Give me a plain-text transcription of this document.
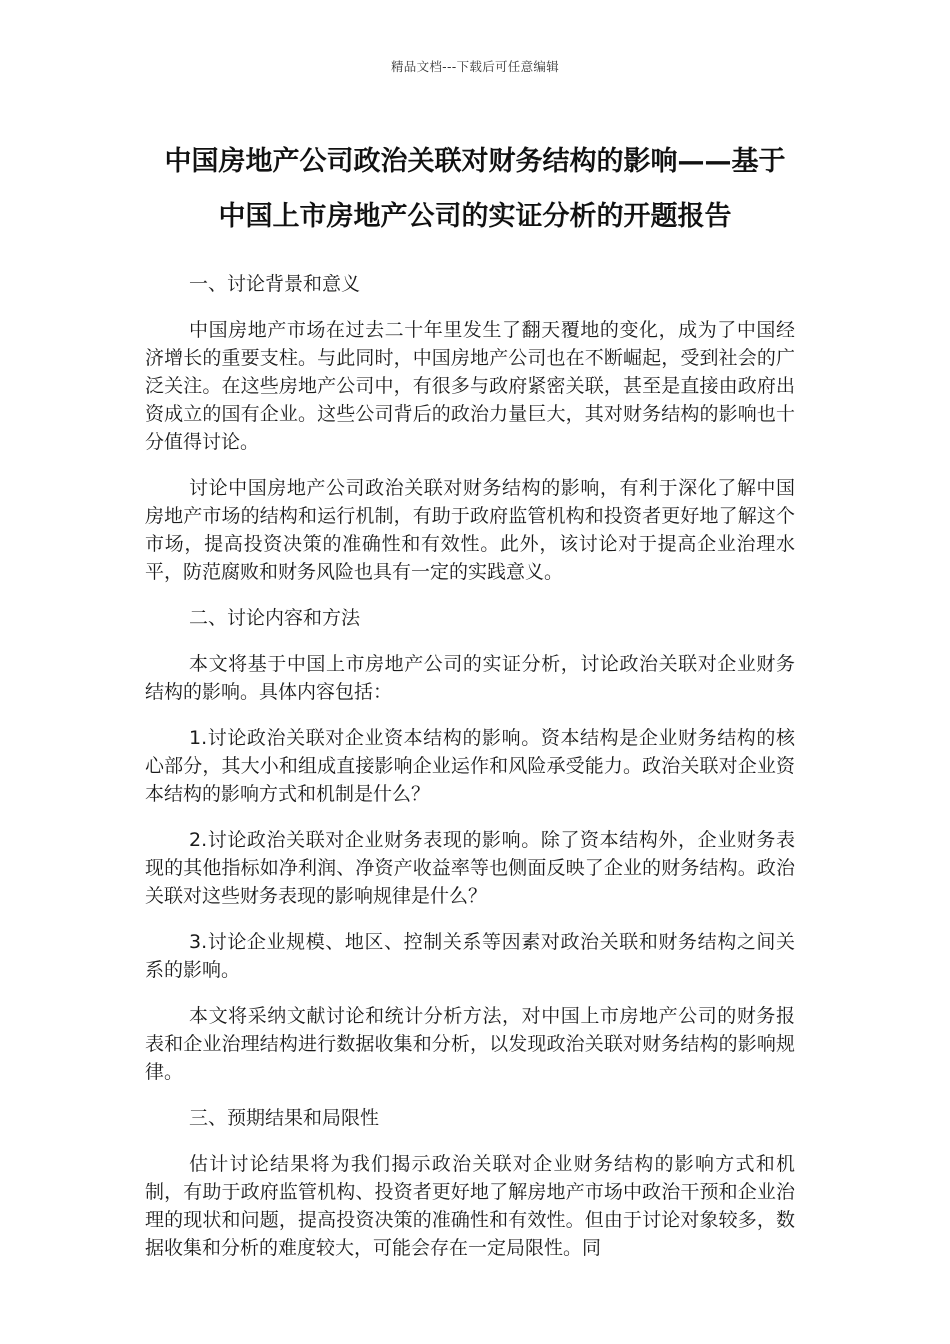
精品文档---下载后可任意编辑
中国房地产公司政治关联对财务结构的影响——基于
中国上市房地产公司的实证分析的开题报告

一、讨论背景和意义

中国房地产市场在过去二十年里发生了翻天覆地的变化，成为了中国经济增长的重要支柱。与此同时，中国房地产公司也在不断崛起，受到社会的广泛关注。在这些房地产公司中，有很多与政府紧密关联，甚至是直接由政府出资成立的国有企业。这些公司背后的政治力量巨大，其对财务结构的影响也十分值得讨论。

讨论中国房地产公司政治关联对财务结构的影响，有利于深化了解中国房地产市场的结构和运行机制，有助于政府监管机构和投资者更好地了解这个市场，提高投资决策的准确性和有效性。此外，该讨论对于提高企业治理水平，防范腐败和财务风险也具有一定的实践意义。

二、讨论内容和方法

本文将基于中国上市房地产公司的实证分析，讨论政治关联对企业财务结构的影响。具体内容包括：

1.讨论政治关联对企业资本结构的影响。资本结构是企业财务结构的核心部分，其大小和组成直接影响企业运作和风险承受能力。政治关联对企业资本结构的影响方式和机制是什么？

2.讨论政治关联对企业财务表现的影响。除了资本结构外，企业财务表现的其他指标如净利润、净资产收益率等也侧面反映了企业的财务结构。政治关联对这些财务表现的影响规律是什么？

3.讨论企业规模、地区、控制关系等因素对政治关联和财务结构之间关系的影响。

本文将采纳文献讨论和统计分析方法，对中国上市房地产公司的财务报表和企业治理结构进行数据收集和分析，以发现政治关联对财务结构的影响规律。

三、预期结果和局限性

估计讨论结果将为我们揭示政治关联对企业财务结构的影响方式和机制，有助于政府监管机构、投资者更好地了解房地产市场中政治干预和企业治理的现状和问题，提高投资决策的准确性和有效性。但由于讨论对象较多，数据收集和分析的难度较大，可能会存在一定局限性。同
